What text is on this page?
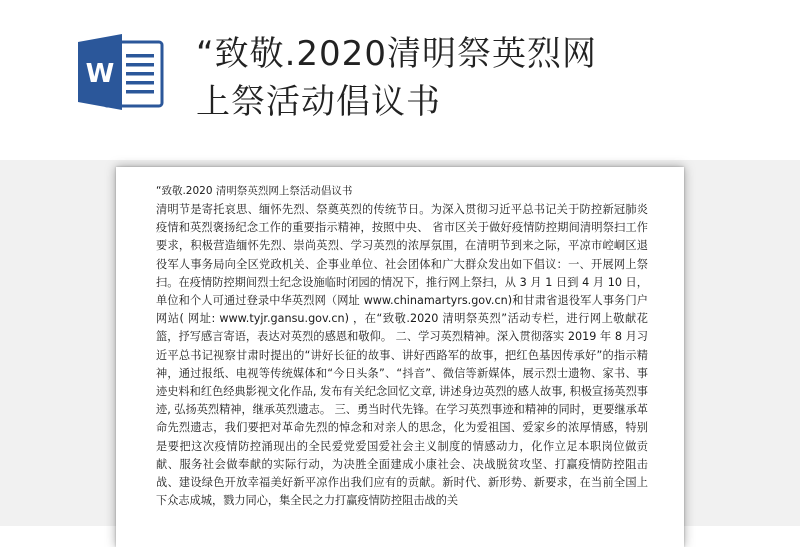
W “致敬.2020清明祭英烈网上祭活动倡议书

“致敬.2020 清明祭英烈网上祭活动倡议书

清明节是寄托哀思、缅怀先烈、祭奠英烈的传统节日。为深入贯彻习近平总书记关于防控新冠肺炎疫情和英烈褒扬纪念工作的重要指示精神，按照中央、 省市区关于做好疫情防控期间清明祭扫工作要求，积极营造缅怀先烈、崇尚英烈、学习英烈的浓厚氛围，在清明节到来之际，平凉市崆峒区退役军人事务局向全区党政机关、企事业单位、社会团体和广大群众发出如下倡议：一、开展网上祭扫。在疫情防控期间烈士纪念设施临时闭园的情况下，推行网上祭扫，从 3 月 1 日到 4 月 10 日，单位和个人可通过登录中华英烈网（网址 www.chinamartyrs.gov.cn)和甘肃省退役军人事务门户网站( 网址: www.tyjr.gansu.gov.cn) ，在“致敬.2020 清明祭英烈”活动专栏，进行网上敬献花篮，抒写感言寄语，表达对英烈的感恩和敬仰。 二、学习英烈精神。深入贯彻落实 2019 年 8 月习近平总书记视察甘肃时提出的“讲好长征的故事、讲好西路军的故事，把红色基因传承好”的指示精神，通过报纸、电视等传统媒体和“今日头条”、“抖音”、微信等新媒体，展示烈士遗物、家书、事迹史料和红色经典影视文化作品, 发布有关纪念回忆文章, 讲述身边英烈的感人故事, 积极宣扬英烈事迹, 弘扬英烈精神，继承英烈遗志。 三、勇当时代先锋。在学习英烈事迹和精神的同时，更要继承革命先烈遗志，我们要把对革命先烈的悼念和对亲人的思念，化为爱祖国、爱家乡的浓厚情感，特别是要把这次疫情防控涌现出的全民爱党爱国爱社会主义制度的情感动力，化作立足本职岗位做贡献、服务社会做奉献的实际行动，为决胜全面建成小康社会、决战脱贫攻坚、打赢疫情防控阻击战、建设绿色开放幸福美好新平凉作出我们应有的贡献。新时代、新形势、新要求，在当前全国上下众志成城，戮力同心，集全民之力打赢疫情防控阻击战的关
